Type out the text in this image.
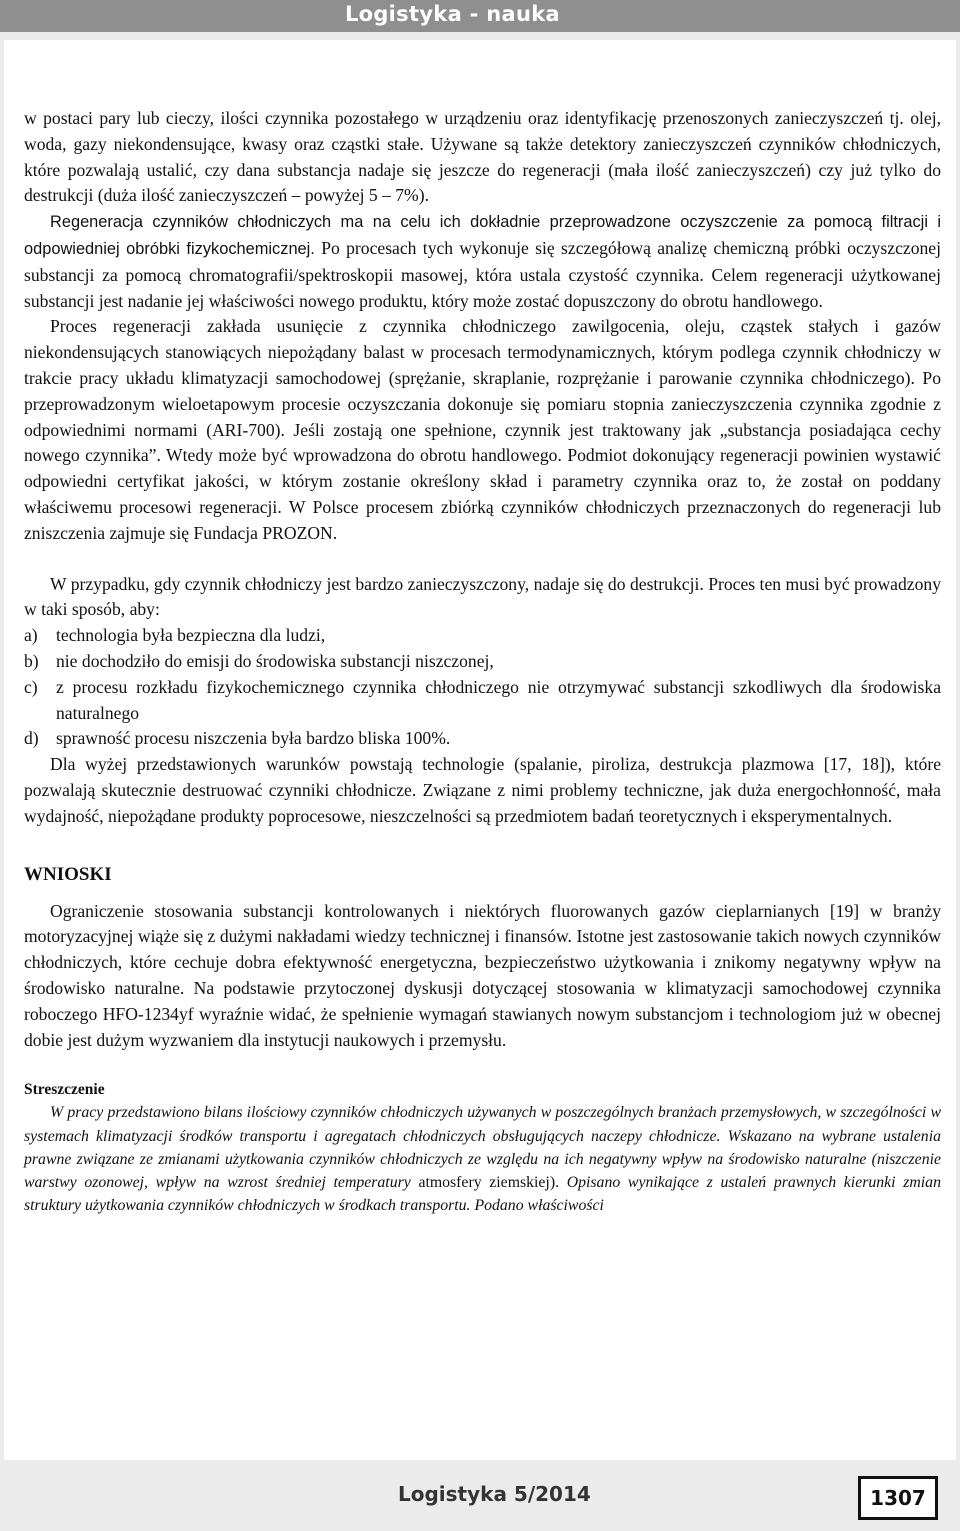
Logistyka - nauka

w postaci pary lub cieczy, ilości czynnika pozostałego w urządzeniu oraz identyfikację przenoszonych zanieczyszczeń tj. olej, woda, gazy niekondensujące, kwasy oraz cząstki stałe. Używane są także detektory zanieczyszczeń czynników chłodniczych, które pozwalają ustalić, czy dana substancja nadaje się jeszcze do regeneracji (mała ilość zanieczyszczeń) czy już tylko do destrukcji (duża ilość zanieczyszczeń – powyżej 5 – 7%).

Regeneracja czynników chłodniczych ma na celu ich dokładnie przeprowadzone oczyszczenie za pomocą filtracji i odpowiedniej obróbki fizykochemicznej. Po procesach tych wykonuje się szczegółową analizę chemiczną próbki oczyszczonej substancji za pomocą chromatografii/spektroskopii masowej, która ustala czystość czynnika. Celem regeneracji użytkowanej substancji jest nadanie jej właściwości nowego produktu, który może zostać dopuszczony do obrotu handlowego.

Proces regeneracji zakłada usunięcie z czynnika chłodniczego zawilgocenia, oleju, cząstek stałych i gazów niekondensujących stanowiących niepożądany balast w procesach termodynamicznych, którym podlega czynnik chłodniczy w trakcie pracy układu klimatyzacji samochodowej (sprężanie, skraplanie, rozprężanie i parowanie czynnika chłodniczego). Po przeprowadzonym wieloetapowym procesie oczyszczania dokonuje się pomiaru stopnia zanieczyszczenia czynnika zgodnie z odpowiednimi normami (ARI-700). Jeśli zostają one spełnione, czynnik jest traktowany jak „substancja posiadająca cechy nowego czynnika”. Wtedy może być wprowadzona do obrotu handlowego. Podmiot dokonujący regeneracji powinien wystawić odpowiedni certyfikat jakości, w którym zostanie określony skład i parametry czynnika oraz to, że został on poddany właściwemu procesowi regeneracji. W Polsce procesem zbiórką czynników chłodniczych przeznaczonych do regeneracji lub zniszczenia zajmuje się Fundacja PROZON.

W przypadku, gdy czynnik chłodniczy jest bardzo zanieczyszczony, nadaje się do destrukcji. Proces ten musi być prowadzony w taki sposób, aby:

a) technologia była bezpieczna dla ludzi,

b) nie dochodziło do emisji do środowiska substancji niszczonej,

c) z procesu rozkładu fizykochemicznego czynnika chłodniczego nie otrzymywać substancji szkodliwych dla środowiska naturalnego

d) sprawność procesu niszczenia była bardzo bliska 100%.

Dla wyżej przedstawionych warunków powstają technologie (spalanie, piroliza, destrukcja plazmowa [17, 18]), które pozwalają skutecznie destruować czynniki chłodnicze. Związane z nimi problemy techniczne, jak duża energochłonność, mała wydajność, niepożądane produkty poprocesowe, nieszczelności są przedmiotem badań teoretycznych i eksperymentalnych.

WNIOSKI

Ograniczenie stosowania substancji kontrolowanych i niektórych fluorowanych gazów cieplarnianych [19] w branży motoryzacyjnej wiąże się z dużymi nakładami wiedzy technicznej i finansów. Istotne jest zastosowanie takich nowych czynników chłodniczych, które cechuje dobra efektywność energetyczna, bezpieczeństwo użytkowania i znikomy negatywny wpływ na środowisko naturalne. Na podstawie przytoczonej dyskusji dotyczącej stosowania w klimatyzacji samochodowej czynnika roboczego HFO-1234yf wyraźnie widać, że spełnienie wymagań stawianych nowym substancjom i technologiom już w obecnej dobie jest dużym wyzwaniem dla instytucji naukowych i przemysłu.

Streszczenie

W pracy przedstawiono bilans ilościowy czynników chłodniczych używanych w poszczególnych branżach przemysłowych, w szczególności w systemach klimatyzacji środków transportu i agregatach chłodniczych obsługujących naczepy chłodnicze. Wskazano na wybrane ustalenia prawne związane ze zmianami użytkowania czynników chłodniczych ze względu na ich negatywny wpływ na środowisko naturalne (niszczenie warstwy ozonowej, wpływ na wzrost średniej temperatury atmosfery ziemskiej). Opisano wynikające z ustaleń prawnych kierunki zmian struktury użytkowania czynników chłodniczych w środkach transportu. Podano właściwości

Logistyka 5/2014	1307
